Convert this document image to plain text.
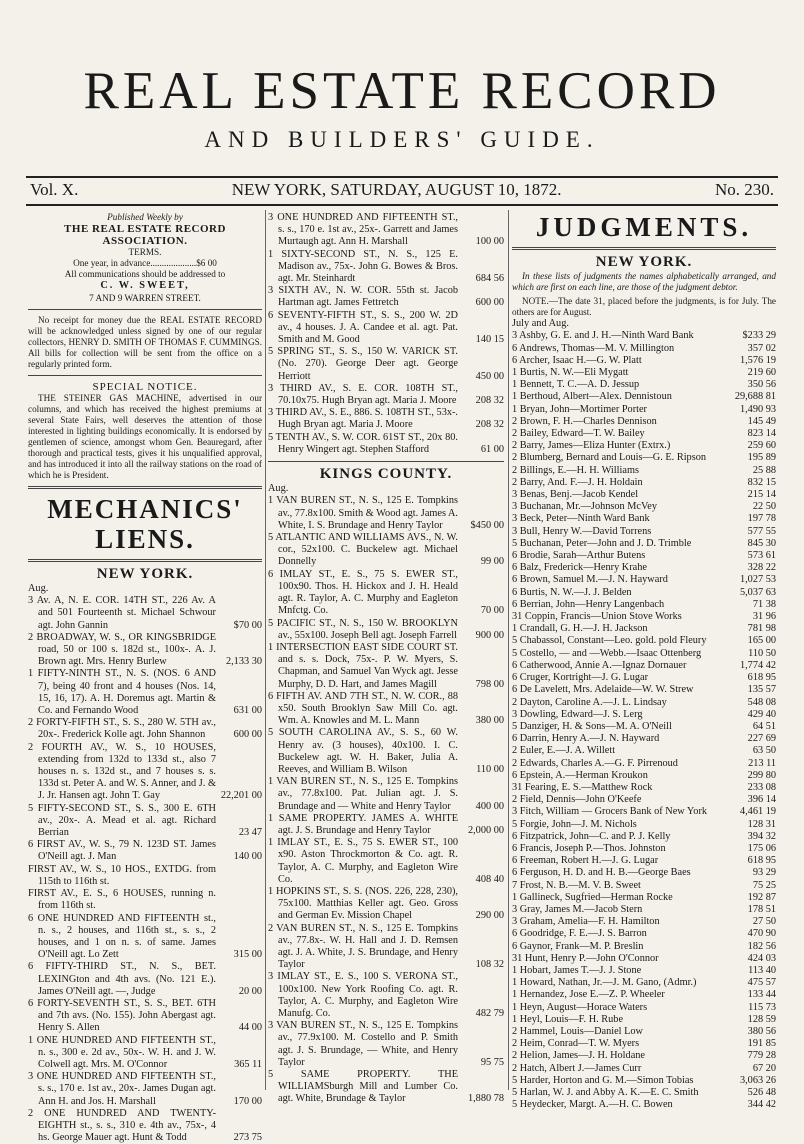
REAL ESTATE RECORD
AND BUILDERS' GUIDE.
Vol. X.	NEW YORK, SATURDAY, AUGUST 10, 1872.	No. 230.
Published Weekly by
THE REAL ESTATE RECORD ASSOCIATION.
TERMS.
One year, in advance....................$6 00
All communications should be addressed to
C. W. SWEET,
7 AND 9 WARREN STREET.
No receipt for money due the REAL ESTATE RECORD will be acknowledged unless signed by one of our regular collectors, HENRY D. SMITH OF THOMAS F. CUMMINGS. All bills for collection will be sent from the office on a regularly printed form.
SPECIAL NOTICE.
THE STEINER GAS MACHINE, advertised in our columns, and which has received the highest premiums at several State Fairs, well deserves the attention of those interested in lighting buildings economically. It is endorsed by gentlemen of science, amongst whom Gen. Beauregard, after thorough and practical tests, gives it his unqualified approval, and has introduced it into all the railway stations on the road of which he is President.
MECHANICS' LIENS.
NEW YORK.
Aug.
3 Av. A, N. E. COR. 14TH ST., 226 Av. A and 501 Fourteenth st. Michael Schwour agt. John Gannin	$70 00
2 BROADWAY, W. S., OR KINGSBRIDGE road, 50 or 100 s. 182d st., 100x-. A. J. Brown agt. Mrs. Henry Burlew	2,133 30
1 FIFTY-NINTH ST., N. S. (NOS. 6 AND 7), being 40 front and 4 houses (Nos. 14, 15, 16, 17). A. H. Doremus agt. Martin & Co. and Fernando Wood	631 00
2 FORTY-FIFTH ST., S. S., 280 W. 5TH av., 20x-. Frederick Kolle agt. John Shannon	600 00
2 FOURTH AV., W. S., 10 HOUSES, extending from 132d to 133d st., also 7 houses n. s. 132d st., and 7 houses s. s. 133d st. Peter A. and W. S. Anner, and J. & J. Jr. Hansen agt. John T. Gay	22,201 00
5 FIFTY-SECOND ST., S. S., 300 E. 6TH av., 20x-. A. Mead et al. agt. Richard Berrian	23 47
6 FIRST AV., W. S., 79 N. 123D ST. James O'Neill agt. J. Man	140 00
FIRST AV., W. S., 10 HOS., EXTDG. from 115th to 116th st.
FIRST AV., E. S., 6 HOUSES, running n. from 116th st.
6 ONE HUNDRED AND FIFTEENTH st., n. s., 2 houses, and 116th st., s. s., 2 houses, and 1 on n. s. of same. James O'Neill agt. Lo Zett	315 00
6 FIFTY-THIRD ST., N. S., BET. LEXINGton and 4th avs. (No. 121 E.). James O'Neill agt. —, Judge	20 00
6 FORTY-SEVENTH ST., S. S., BET. 6TH and 7th avs. (No. 155). John Abergast agt. Henry S. Allen	44 00
1 ONE HUNDRED AND FIFTEENTH ST., n. s., 300 e. 2d av., 50x-. W. H. and J. W. Colwell agt. Mrs. M. O'Connor	365 11
3 ONE HUNDRED AND FIFTEENTH ST., s. s., 170 e. 1st av., 20x-. James Dugan agt. Ann H. and Jos. H. Marshall	170 00
2 ONE HUNDRED AND TWENTY-EIGHTH st., s. s., 310 e. 4th av., 75x-, 4 hs. George Mauer agt. Hunt & Todd	273 75
3 ONE HUNDRED AND FIFTEENTH ST., s. s., 170 e. 1st av., 25x-. Garrett and James Murtaugh agt. Ann H. Marshall	100 00
1 SIXTY-SECOND ST., N. S., 125 E. Madison av., 75x-. John G. Bowes & Bros. agt. Mr. Steinhardt	684 56
3 SIXTH AV., N. W. COR. 55th st. Jacob Hartman agt. James Fettretch	600 00
6 SEVENTY-FIFTH ST., S. S., 200 W. 2D av., 4 houses. J. A. Candee et al. agt. Pat. Smith and M. Good	140 15
5 SPRING ST., S. S., 150 W. VARICK ST. (No. 270). George Deer agt. George Herriott	450 00
3 THIRD AV., S. E. COR. 108TH ST., 70.10x75. Hugh Bryan agt. Maria J. Moore 208 32
3 THIRD AV., S. E., 886. S. 108TH ST., 53x-. Hugh Bryan agt. Maria J. Moore	208 32
5 TENTH AV., S. W. COR. 61ST ST., 20x 80. Henry Wingert agt. Stephen Stafford	61 00
KINGS COUNTY.
Aug.
1 VAN BUREN ST., N. S., 125 E. Tompkins av., 77.8x100. Smith & Wood agt. James A. White, I. S. Brundage and Henry Taylor	$450 00
5 ATLANTIC AND WILLIAMS AVS., N. W. cor., 52x100. C. Buckelew agt. Michael Donnelly	99 00
6 IMLAY ST., E. S., 75 S. EWER ST., 100x90. Thos. H. Hickox and J. H. Heald agt. R. Taylor, A. C. Murphy and Eagleton Mnfctg. Co.	70 00
5 PACIFIC ST., N. S., 150 W. BROOKLYN av., 55x100. Joseph Bell agt. Joseph Farrell 900 00
1 INTERSECTION EAST SIDE COURT ST. and s. s. Dock, 75x-. P. W. Myers, S. Chapman, and Samuel Van Wyck agt. Jesse Murphy, D. D. Hart, and James Magill	798 00
6 FIFTH AV. AND 7TH ST., N. W. COR., 88 x50. South Brooklyn Saw Mill Co. agt. Wm. A. Knowles and M. L. Mann	380 00
5 SOUTH CAROLINA AV., S. S., 60 W. Henry av. (3 houses), 40x100. I. C. Buckelew agt. W. H. Baker, Julia A. Reeves, and William B. Wilson	110 00
1 VAN BUREN ST., N. S., 125 E. Tompkins av., 77.8x100. Pat. Julian agt. J. S. Brundage and — White and Henry Taylor 400 00
1 SAME PROPERTY. JAMES A. WHITE agt. J. S. Brundage and Henry Taylor	2,000 00
1 IMLAY ST., E. S., 75 S. EWER ST., 100 x90. Aston Throckmorton & Co. agt. R. Taylor, A. C. Murphy, and Eagleton Wire Co.	408 40
1 HOPKINS ST., S. S. (NOS. 226, 228, 230), 75x100. Matthias Keller agt. Geo. Gross and German Ev. Mission Chapel	290 00
2 VAN BUREN ST., N. S., 125 E. Tompkins av., 77.8x-. W. H. Hall and J. D. Remsen agt. J. A. White, J. S. Brundage, and Henry Taylor	108 32
3 IMLAY ST., E. S., 100 S. VERONA ST., 100x100. New York Roofing Co. agt. R. Taylor, A. C. Murphy, and Eagleton Wire Manufg. Co.	482 79
3 VAN BUREN ST., N. S., 125 E. Tompkins av., 77.9x100. M. Costello and P. Smith agt. J. S. Brundage, — White, and Henry Taylor	95 75
5 SAME PROPERTY. THE WILLIAMSburgh Mill and Lumber Co. agt. White, Brundage & Taylor	1,880 78
JUDGMENTS.
NEW YORK.
In these lists of judgments the names alphabetically arranged, and which are first on each line, are those of the judgment debtor.
NOTE.—The date 31, placed before the judgments, is for July. The others are for August.
July and Aug.
3 Ashby, G. E. and J. H.—Ninth Ward Bank	$233 29
6 Andrews, Thomas—M. V. Millington	357 02
6 Archer, Isaac H.—G. W. Platt	1,576 19
1 Burtis, N. W.—Eli Mygatt	219 60
1 Bennett, T. C.—A. D. Jessup	350 56
1 Berthoud, Albert—Alex. Dennistoun	29,688 81
1 Bryan, John—Mortimer Porter	1,490 93
2 Brown, F. H.—Charles Dennison	145 49
2 Bailey, Edward—T. W. Bailey	823 14
2 Barry, James—Eliza Hunter (Extrx.)	259 60
2 Blumberg, Bernard and Louis—G. E. Ripson	195 89
2 Billings, E.—H. H. Williams	25 88
2 Barry, And. F.—J. H. Holdain	832 15
3 Benas, Benj.—Jacob Kendel	215 14
3 Buchanan, Mr.—Johnson McVey	22 50
3 Beck, Peter—Ninth Ward Bank	197 78
3 Bull, Henry W.—David Torrens	577 55
5 Buchanan, Peter—John and J. D. Trimble	845 30
6 Brodie, Sarah—Arthur Butens	573 61
6 Balz, Frederick—Henry Krahe	328 22
6 Brown, Samuel M.—J. N. Hayward	1,027 53
6 Burtis, N. W.—J. J. Belden	5,037 63
6 Berrian, John—Henry Langenbach	71 38
31 Coppin, Francis—Union Stove Works	31 96
1 Crandall, G. H.—J. H. Jackson	781 98
5 Chabassol, Constant—Leo. gold. pold Fleury	165 00
5 Costello, — and —Webb.—Isaac Ottenberg	110 50
6 Catherwood, Annie A.—Ignaz Dornauer	1,774 42
6 Cruger, Kortright—J. G. Lugar	618 95
6 De Lavelett, Mrs. Adelaide—W. W. Strew	135 57
2 Dayton, Caroline A.—J. L. Lindsay	548 08
3 Dowling, Edward—J. S. Lerg	429 40
5 Danziger, H. & Sons—M. A. O'Neill	64 51
6 Darrin, Henry A.—J. N. Hayward	227 69
2 Euler, E.—J. A. Willett	63 50
2 Edwards, Charles A.—G. F. Pirrenoud	213 11
6 Epstein, A.—Herman Kroukon	299 80
31 Fearing, E. S.—Matthew Rock	233 08
2 Field, Dennis—John O'Keefe	396 14
3 Fitch, William — Grocers Bank of New York	4,461 19
5 Forgie, John—J. M. Nichols	128 31
6 Fitzpatrick, John—C. and P. J. Kelly	394 32
6 Francis, Joseph P.—Thos. Johnston	175 06
6 Freeman, Robert H.—J. G. Lugar	618 95
6 Ferguson, H. D. and H. B.—George Baes	93 29
7 Frost, N. B.—M. V. B. Sweet	75 25
1 Gallineck, Sugfried—Herman Rocke	192 87
3 Gray, James M.—Jacob Stern	178 51
3 Graham, Amelia—F. H. Hamilton	27 50
6 Goodridge, F. E.—J. S. Barron	470 90
6 Gaynor, Frank—M. P. Breslin	182 56
31 Hunt, Henry P.—John O'Connor	424 03
1 Hobart, James T.—J. J. Stone	113 40
1 Howard, Nathan, Jr.—J. M. Gano, (Admr.)	475 57
1 Hernandez, Jose E.—Z. P. Wheeler	133 44
1 Heyn, August—Horace Waters	115 73
1 Heyl, Louis—F. H. Rube	128 59
2 Hammel, Louis—Daniel Low	380 56
2 Heim, Conrad—T. W. Myers	191 85
2 Helion, James—J. H. Holdane	779 28
2 Hatch, Albert J.—James Curr	67 20
5 Harder, Horton and G. M.—Simon Tobias	3,063 26
5 Harlan, W. J. and Abby A. K.—E. C. Smith	526 48
5 Heydecker, Margt. A.—H. C. Bowen	344 42
